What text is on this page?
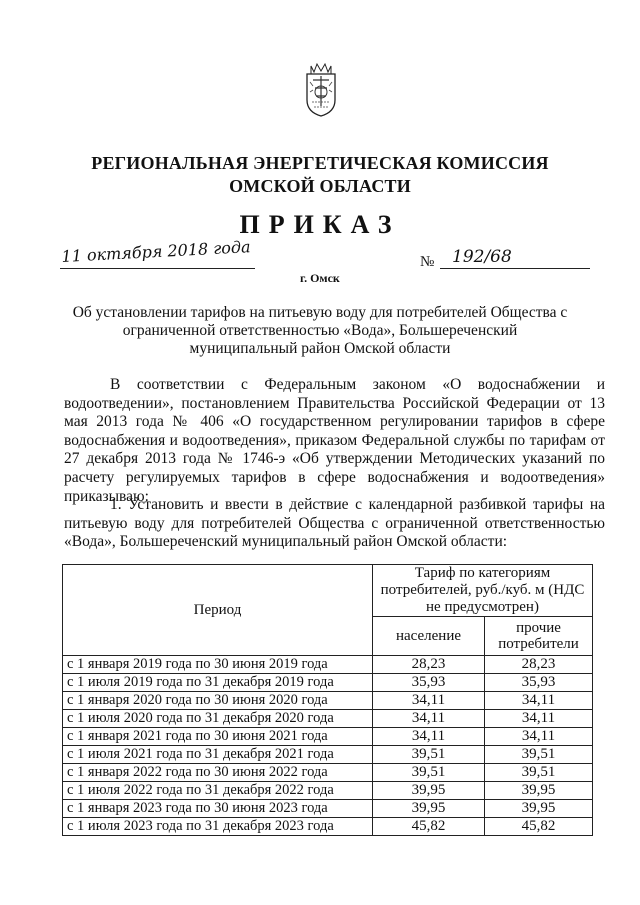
РЕГИОНАЛЬНАЯ ЭНЕРГЕТИЧЕСКАЯ КОМИССИЯ
ОМСКОЙ ОБЛАСТИ
ПРИКАЗ
11 октября 2018 года
г. Омск
№ 192/68
Об установлении тарифов на питьевую воду для потребителей Общества с
ограниченной ответственностью «Вода», Большереченский
муниципальный район Омской области
В соответствии с Федеральным законом «О водоснабжении и водоотведении», постановлением Правительства Российской Федерации от 13 мая 2013 года № 406 «О государственном регулировании тарифов в сфере водоснабжения и водоотведения», приказом Федеральной службы по тарифам от 27 декабря 2013 года № 1746-э «Об утверждении Методических указаний по расчету регулируемых тарифов в сфере водоснабжения и водоотведения» приказываю:
1. Установить и ввести в действие с календарной разбивкой тарифы на питьевую воду для потребителей Общества с ограниченной ответственностью «Вода», Большереченский муниципальный район Омской области:
Период	Тариф по категориям потребителей, руб./куб. м (НДС не предусмотрен)	
	население	прочие потребители
с 1 января 2019 года по 30 июня 2019 года	28,23	28,23
с 1 июля 2019 года по 31 декабря 2019 года	35,93	35,93
с 1 января 2020 года по 30 июня 2020 года	34,11	34,11
с 1 июля 2020 года по 31 декабря 2020 года	34,11	34,11
с 1 января 2021 года по 30 июня 2021 года	34,11	34,11
с 1 июля 2021 года по 31 декабря 2021 года	39,51	39,51
с 1 января 2022 года по 30 июня 2022 года	39,51	39,51
с 1 июля 2022 года по 31 декабря 2022 года	39,95	39,95
с 1 января 2023 года по 30 июня 2023 года	39,95	39,95
с 1 июля 2023 года по 31 декабря 2023 года	45,82	45,82
